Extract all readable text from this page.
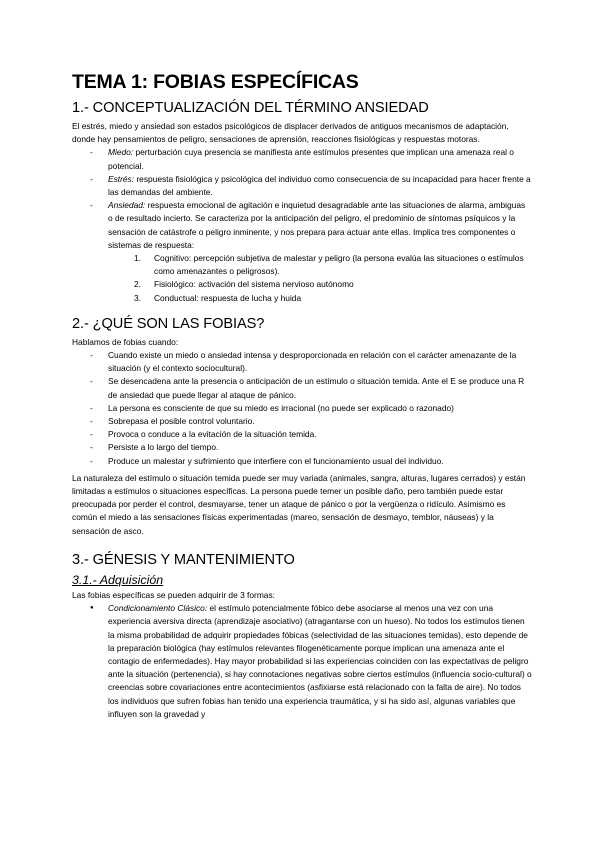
TEMA 1: FOBIAS ESPECÍFICAS
1.- CONCEPTUALIZACIÓN DEL TÉRMINO ANSIEDAD

El estrés, miedo y ansiedad son estados psicológicos de displacer derivados de antiguos mecanismos de adaptación, donde hay pensamientos de peligro, sensaciones de aprensión, reacciones fisiológicas y respuestas motoras.

- Miedo: perturbación cuya presencia se manifiesta ante estímulos presentes que implican una amenaza real o potencial.
- Estrés: respuesta fisiológica y psicológica del individuo como consecuencia de su incapacidad para hacer frente a las demandas del ambiente.
- Ansiedad: respuesta emocional de agitación e inquietud desagradable ante las situaciones de alarma, ambiguas o de resultado incierto. Se caracteriza por la anticipación del peligro, el predominio de síntomas psíquicos y la sensación de catástrofe o peligro inminente, y nos prepara para actuar ante ellas. Implica tres componentes o sistemas de respuesta:
1. Cognitivo: percepción subjetiva de malestar y peligro (la persona evalúa las situaciones o estímulos como amenazantes o peligrosos).
2. Fisiológico: activación del sistema nervioso autónomo
3. Conductual: respuesta de lucha y huida
2.- ¿QUÉ SON LAS FOBIAS?

Hablamos de fobias cuando:

- Cuando existe un miedo o ansiedad intensa y desproporcionada en relación con el carácter amenazante de la situación (y el contexto sociocultural).
- Se desencadena ante la presencia o anticipación de un estímulo o situación temida. Ante el E se produce una R de ansiedad que puede llegar al ataque de pánico.
- La persona es consciente de que su miedo es irracional (no puede ser explicado o razonado)
- Sobrepasa el posible control voluntario.
- Provoca o conduce a la evitación de la situación temida.
- Persiste a lo largo del tiempo.
- Produce un malestar y sufrimiento que interfiere con el funcionamiento usual del individuo.

La naturaleza del estímulo o situación temida puede ser muy variada (animales, sangra, alturas, lugares cerrados) y están limitadas a estímulos o situaciones específicas. La persona puede temer un posible daño, pero también puede estar preocupada por perder el control, desmayarse, tener un ataque de pánico o por la vergüenza o ridículo. Asimismo es común el miedo a las sensaciones físicas experimentadas (mareo, sensación de desmayo, temblor, náuseas) y la sensación de asco.

3.- GÉNESIS Y MANTENIMIENTO
3.1.- Adquisición

Las fobias específicas se pueden adquirir de 3 formas:

● Condicionamiento Clásico: el estímulo potencialmente fóbico debe asociarse al menos una vez con una experiencia aversiva directa (aprendizaje asociativo) (atragantarse con un hueso). No todos los estímulos tienen la misma probabilidad de adquirir propiedades fóbicas (selectividad de las situaciones temidas), esto depende de la preparación biológica (hay estímulos relevantes filogenéticamente porque implican una amenaza ante el contagio de enfermedades). Hay mayor probabilidad si las experiencias coinciden con las expectativas de peligro ante la situación (pertenencia), si hay connotaciones negativas sobre ciertos estímulos (influencia socio-cultural) o creencias sobre covariaciones entre acontecimientos (asfixiarse está relacionado con la falta de aire). No todos los individuos que sufren fobias han tenido una experiencia traumática, y si ha sido así, algunas variables que influyen son la gravedad y
